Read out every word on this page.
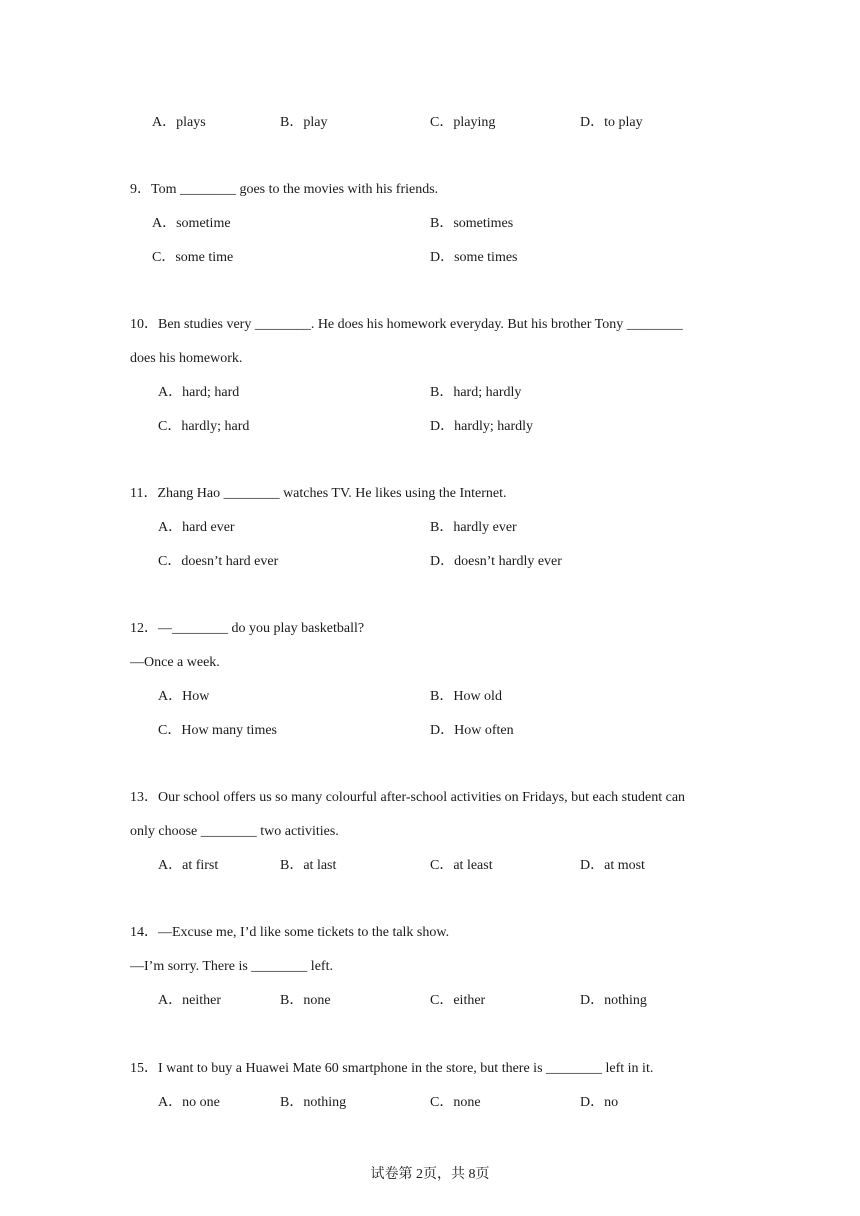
A．plays	B．play	C．playing	D．to play
9．Tom ________ goes to the movies with his friends.
A．sometime	B．sometimes
C．some time	D．some times
10．Ben studies very ________. He does his homework everyday. But his brother Tony ________
does his homework.
A．hard; hard	B．hard; hardly
C．hardly; hard	D．hardly; hardly
11．Zhang Hao ________ watches TV. He likes using the Internet.
A．hard ever	B．hardly ever
C．doesn’t hard ever	D．doesn’t hardly ever
12．—________ do you play basketball?
—Once a week.
A．How	B．How old
C．How many times	D．How often
13．Our school offers us so many colourful after-school activities on Fridays, but each student can
only choose ________ two activities.
A．at first	B．at last	C．at least	D．at most
14．—Excuse me, I’d like some tickets to the talk show.
—I’m sorry. There is ________ left.
A．neither	B．none	C．either	D．nothing
15．I want to buy a Huawei Mate 60 smartphone in the store, but there is ________ left in it.
A．no one	B．nothing	C．none	D．no
试卷第 2页，共 8页
